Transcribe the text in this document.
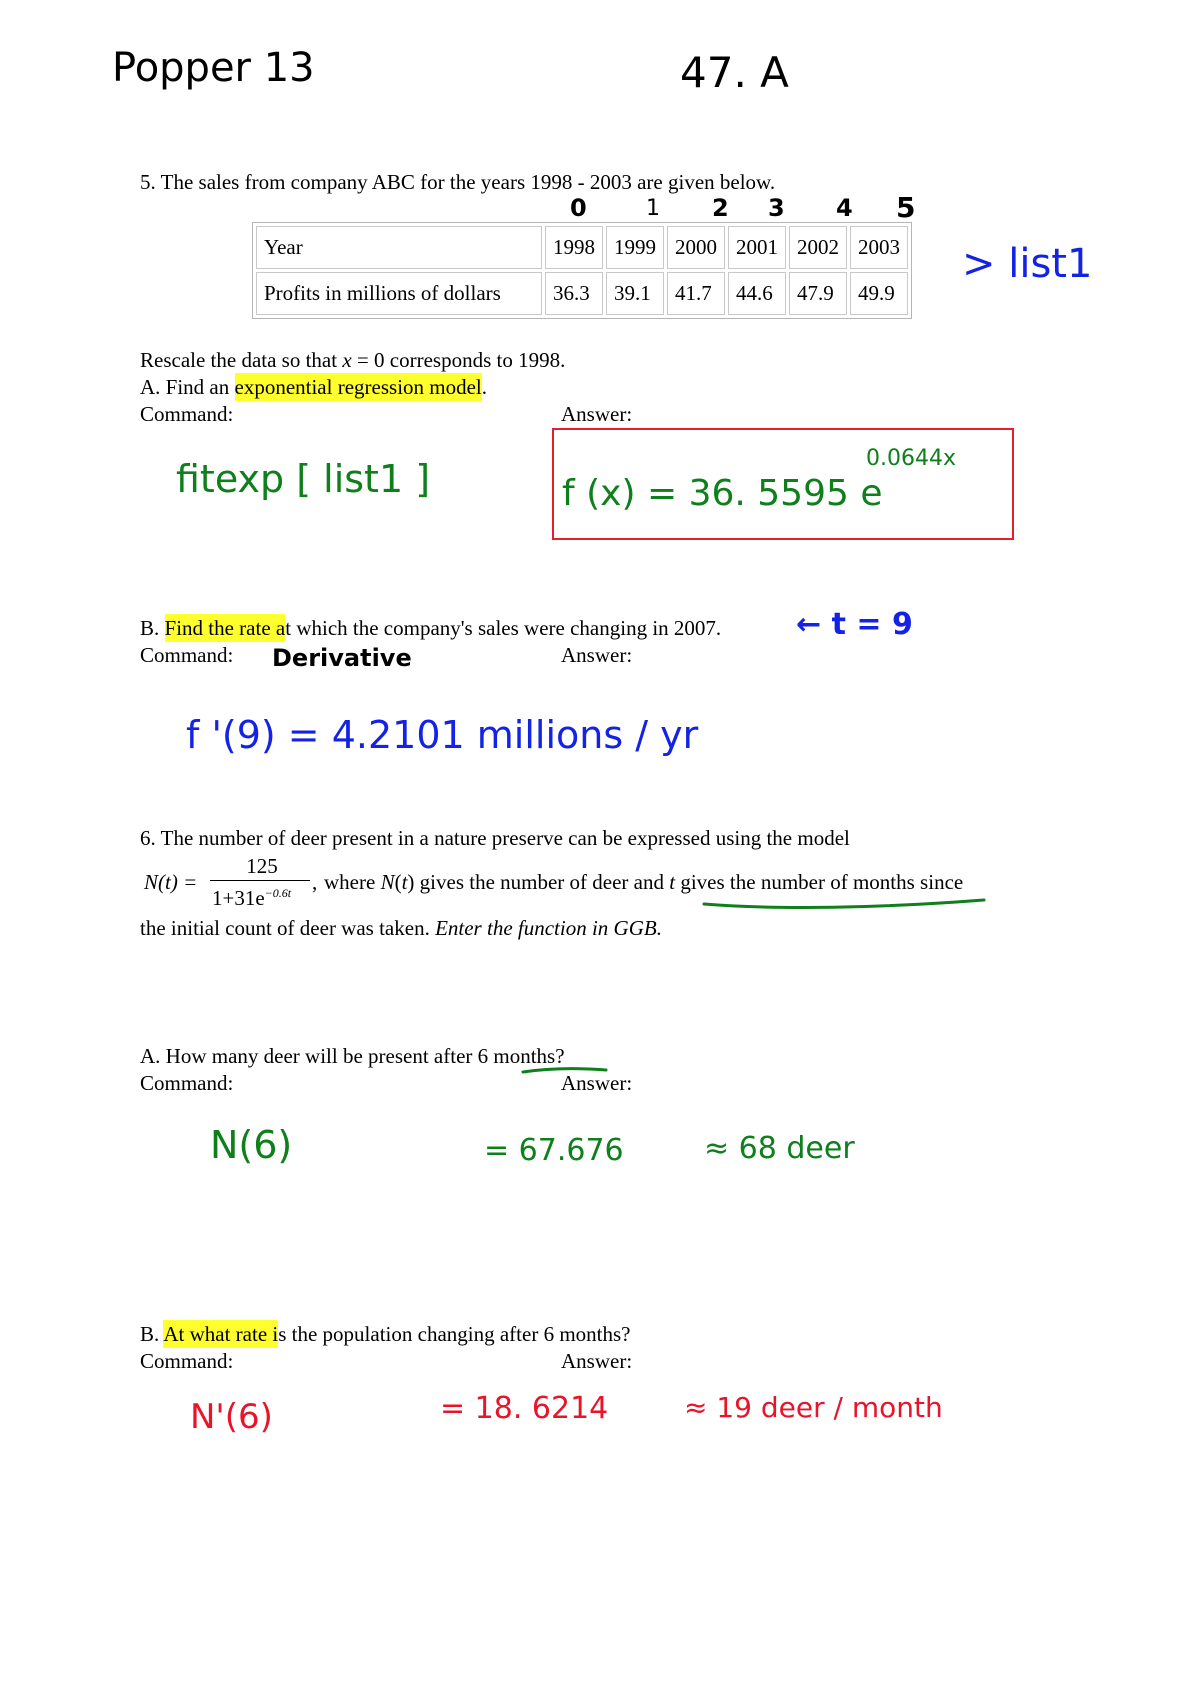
Popper 13	47. A
5. The sales from company ABC for the years 1998 - 2003 are given below.
0	1 2 3 4 5
Year	1998	1999	2000	2001	2002	2003
Profits in millions of dollars	36.3	39.1	41.7	44.6	47.9	49.9
> list1
Rescale the data so that x = 0 corresponds to 1998.
A. Find an exponential regression model.
Command:	Answer:
fitexp [ list1 ]	f (x) = 36. 5595 e
0.0644x
B. Find the rate at which the company's sales were changing in 2007. ← t = 9
Command: Derivative	Answer:
f '(9) = 4.2101 millions / yr
6. The number of deer present in a nature preserve can be expressed using the model
N(t) =
125
$1+31e^{-0.6t}$ , where N(t) gives the number of deer and t gives the number of months since
the initial count of deer was taken. Enter the function in GGB.
A. How many deer will be present after 6 months?
Command:	Answer:
N(6)	= 67.676	≈ 68 deer
B. At what rate is the population changing after 6 months?
Command:	Answer:
N'(6)	= 18. 6214	≈ 19 deer / month
